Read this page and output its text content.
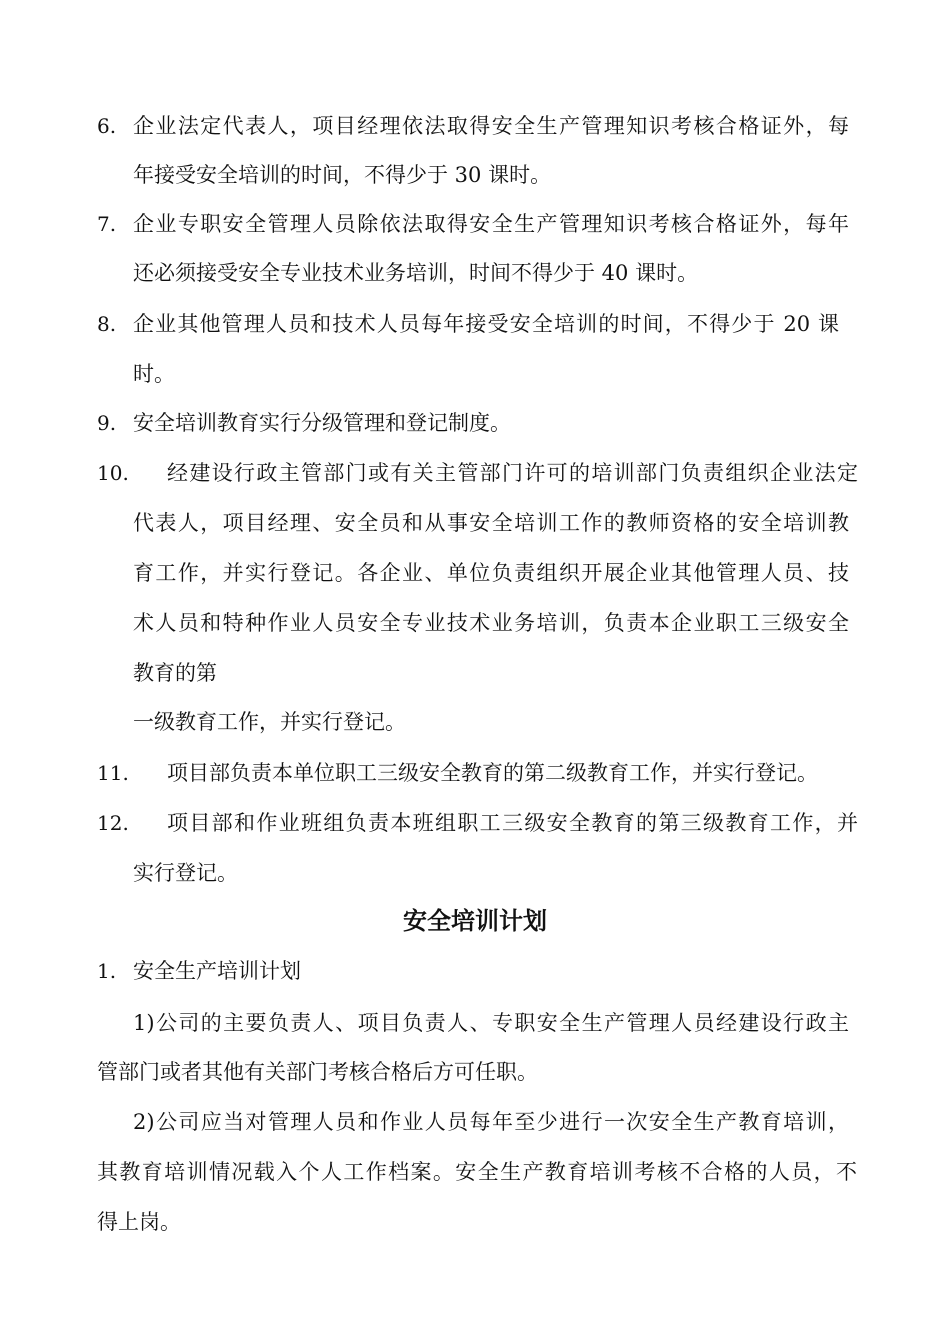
6. 企业法定代表人，项目经理依法取得安全生产管理知识考核合格证外，每
年接受安全培训的时间，不得少于 30 课时。
7. 企业专职安全管理人员除依法取得安全生产管理知识考核合格证外，每年
还必须接受安全专业技术业务培训，时间不得少于 40 课时。
8. 企业其他管理人员和技术人员每年接受安全培训的时间，不得少于 20 课
时。
9. 安全培训教育实行分级管理和登记制度。
10. 经建设行政主管部门或有关主管部门许可的培训部门负责组织企业法定
代表人，项目经理、安全员和从事安全培训工作的教师资格的安全培训教
育工作，并实行登记。各企业、单位负责组织开展企业其他管理人员、技
术人员和特种作业人员安全专业技术业务培训，负责本企业职工三级安全
教育的第
一级教育工作，并实行登记。
11. 项目部负责本单位职工三级安全教育的第二级教育工作，并实行登记。
12. 项目部和作业班组负责本班组职工三级安全教育的第三级教育工作，并
实行登记。
安全培训计划
1. 安全生产培训计划
1)公司的主要负责人、项目负责人、专职安全生产管理人员经建设行政主
管部门或者其他有关部门考核合格后方可任职。
2)公司应当对管理人员和作业人员每年至少进行一次安全生产教育培训，
其教育培训情况载入个人工作档案。安全生产教育培训考核不合格的人员，不
得上岗。
